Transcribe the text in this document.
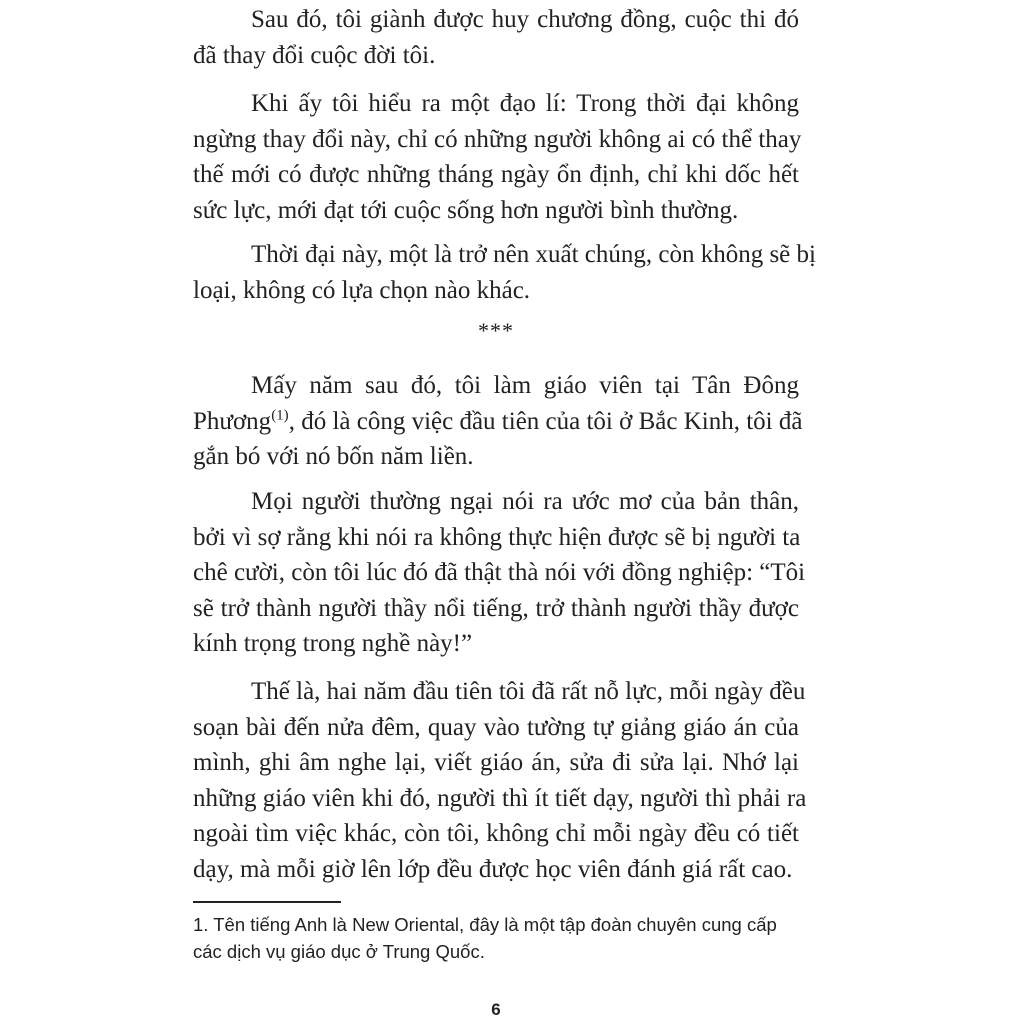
Sau đó, tôi giành được huy chương đồng, cuộc thi đó
đã thay đổi cuộc đời tôi.

Khi ấy tôi hiểu ra một đạo lí: Trong thời đại không
ngừng thay đổi này, chỉ có những người không ai có thể thay
thế mới có được những tháng ngày ổn định, chỉ khi dốc hết
sức lực, mới đạt tới cuộc sống hơn người bình thường.

Thời đại này, một là trở nên xuất chúng, còn không sẽ bị
loại, không có lựa chọn nào khác.

***

Mấy năm sau đó, tôi làm giáo viên tại Tân Đông
Phương$^{(1)}$, đó là công việc đầu tiên của tôi ở Bắc Kinh, tôi đã
gắn bó với nó bốn năm liền.

Mọi người thường ngại nói ra ước mơ của bản thân,
bởi vì sợ rằng khi nói ra không thực hiện được sẽ bị người ta
chê cười, còn tôi lúc đó đã thật thà nói với đồng nghiệp: “Tôi
sẽ trở thành người thầy nổi tiếng, trở thành người thầy được
kính trọng trong nghề này!”

Thế là, hai năm đầu tiên tôi đã rất nỗ lực, mỗi ngày đều
soạn bài đến nửa đêm, quay vào tường tự giảng giáo án của
mình, ghi âm nghe lại, viết giáo án, sửa đi sửa lại. Nhớ lại
những giáo viên khi đó, người thì ít tiết dạy, người thì phải ra
ngoài tìm việc khác, còn tôi, không chỉ mỗi ngày đều có tiết
dạy, mà mỗi giờ lên lớp đều được học viên đánh giá rất cao.

1. Tên tiếng Anh là New Oriental, đây là một tập đoàn chuyên cung cấp
các dịch vụ giáo dục ở Trung Quốc.

6
